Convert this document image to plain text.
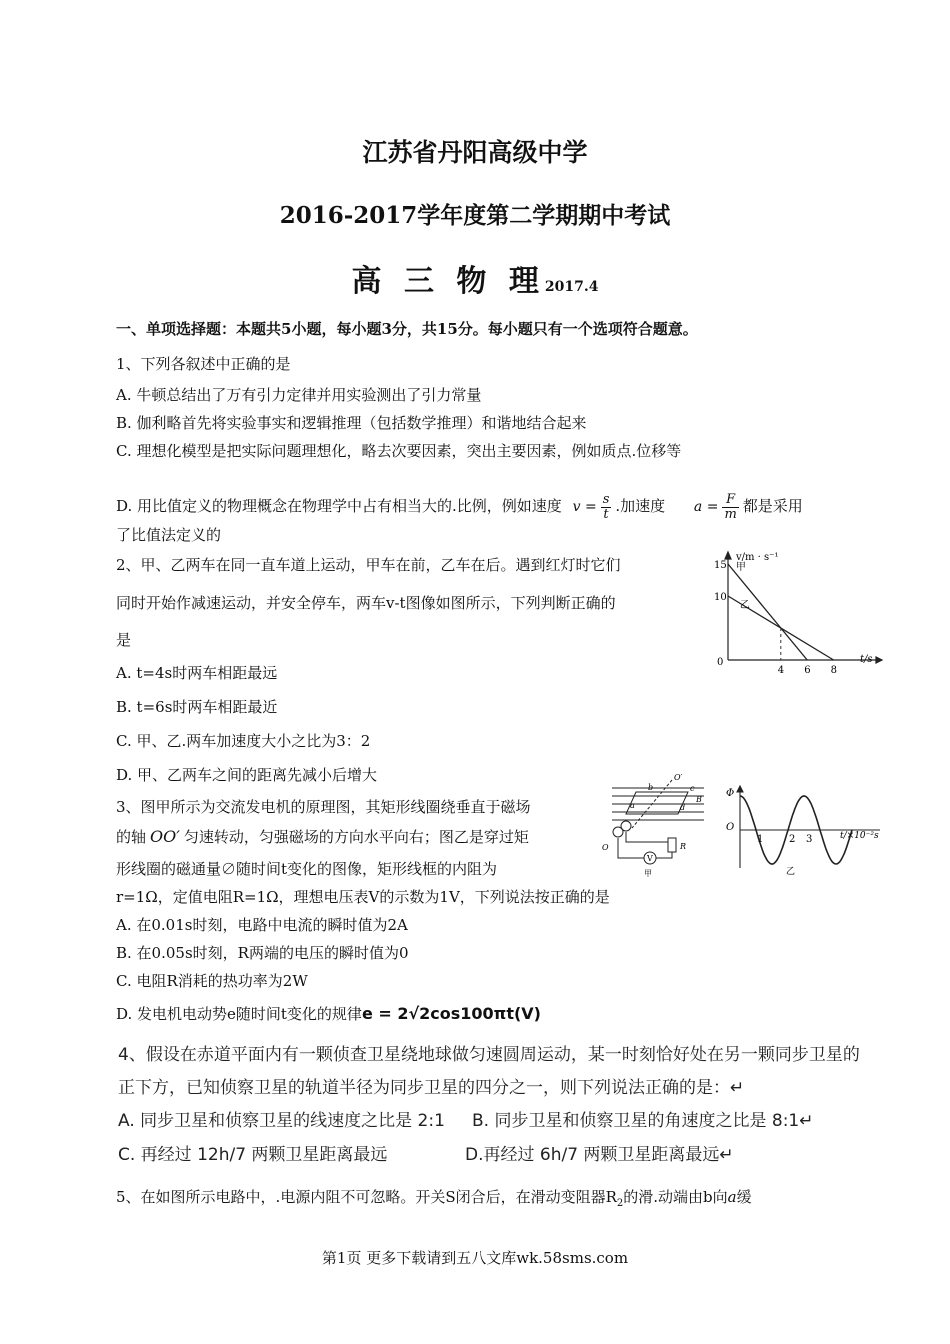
江苏省丹阳高级中学
2016-2017学年度第二学期期中考试
高 三 物 理2017.4
一、单项选择题：本题共5小题，每小题3分，共15分。每小题只有一个选项符合题意。
1、下列各叙述中正确的是
A. 牛顿总结出了万有引力定律并用实验测出了引力常量
B. 伽利略首先将实验事实和逻辑推理（包括数学推理）和谐地结合起来
C. 理想化模型是把实际问题理想化，略去次要因素，突出主要因素，例如质点.位移等
D. 用比值定义的物理概念在物理学中占有相当大的.比例，例如速度 $v = \frac{s}{t}$ .加速度 $a = \frac{F}{m}$ 都是采用
了比值法定义的
2、甲、乙两车在同一直车道上运动，甲车在前，乙车在后。遇到红灯时它们
同时开始作减速运动，并安全停车，两车v-t图像如图所示，下列判断正确的
是
A. t=4s时两车相距最远
B. t=6s时两车相距最近
C. 甲、乙.两车加速度大小之比为3：2
D. 甲、乙两车之间的距离先减小后增大
v/m · s⁻¹
t/s
0
4 6 8
10
15 甲
乙
3、图甲所示为交流发电机的原理图，其矩形线圈绕垂直于磁场
的轴 OO′ 匀速转动，匀强磁场的方向水平向右；图乙是穿过矩
形线圈的磁通量∅随时间t变化的图像，矩形线框的内阻为
r=1Ω，定值电阻R=1Ω，理想电压表V的示数为1V，下列说法按正确的是
A. 在0.01s时刻，电路中电流的瞬时值为2A
B. 在0.05s时刻，R两端的电压的瞬时值为0
C. 电阻R消耗的热功率为2W
D. 发电机电动势e随时间t变化的规律e = 2√2cos100πt(V)
O′
b	c
a	d
B
O
V
R
甲
Φ
O
1	2 3	t/×10⁻²s
乙
4、假设在赤道平面内有一颗侦查卫星绕地球做匀速圆周运动，某一时刻恰好处在另一颗同步卫星的
正下方，已知侦察卫星的轨道半径为同步卫星的四分之一，则下列说法正确的是：↵
A. 同步卫星和侦察卫星的线速度之比是 2:1 B. 同步卫星和侦察卫星的角速度之比是 8:1↵
C. 再经过 12h/7 两颗卫星距离最远	D.再经过 6h/7 两颗卫星距离最远↵
5、在如图所示电路中，.电源内阻不可忽略。开关S闭合后，在滑动变阻器$R_2$的滑.动端由b向a缓
第1页 更多下载请到五八文库wk.58sms.com
